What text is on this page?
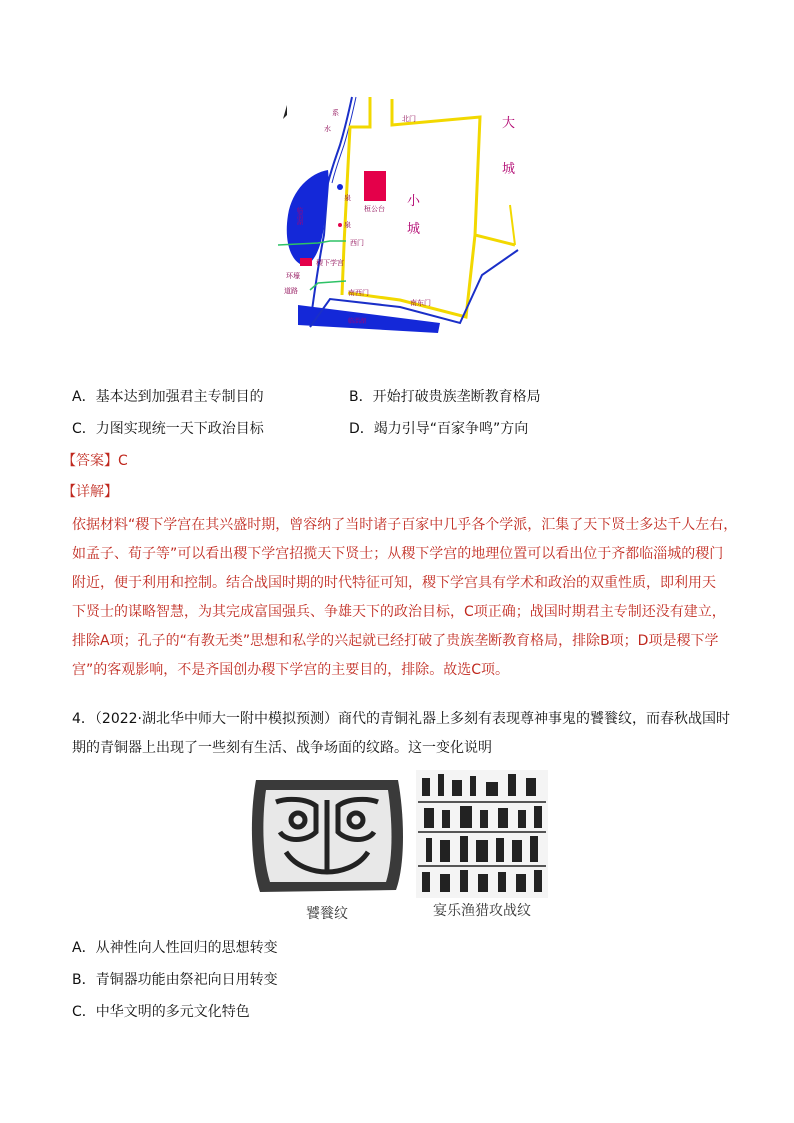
大
城
小
城
北门
西门
南西门
南东门
桓公台
稷下学宫
环壕
道路
系
水
泉
泉
临淄湖
临淄湖
A．基本达到加强君主专制目的	B．开始打破贵族垄断教育格局
C．力图实现统一天下政治目标	D．竭力引导“百家争鸣”方向
【答案】C
【详解】
依据材料“稷下学宫在其兴盛时期，曾容纳了当时诸子百家中几乎各个学派，汇集了天下贤士多达千人左右，
如孟子、荀子等”可以看出稷下学宫招揽天下贤士；从稷下学宫的地理位置可以看出位于齐都临淄城的稷门
附近，便于利用和控制。结合战国时期的时代特征可知，稷下学宫具有学术和政治的双重性质，即利用天
下贤士的谋略智慧，为其完成富国强兵、争雄天下的政治目标，C项正确；战国时期君主专制还没有建立，
排除A项；孔子的“有教无类”思想和私学的兴起就已经打破了贵族垄断教育格局，排除B项；D项是稷下学
宫”的客观影响，不是齐国创办稷下学宫的主要目的，排除。故选C项。
4．（2022·湖北华中师大一附中模拟预测）商代的青铜礼器上多刻有表现尊神事鬼的饕餮纹，而春秋战国时
期的青铜器上出现了一些刻有生活、战争场面的纹路。这一变化说明
饕餮纹	宴乐渔猎攻战纹
A．从神性向人性回归的思想转变
B．青铜器功能由祭祀向日用转变
C．中华文明的多元文化特色
